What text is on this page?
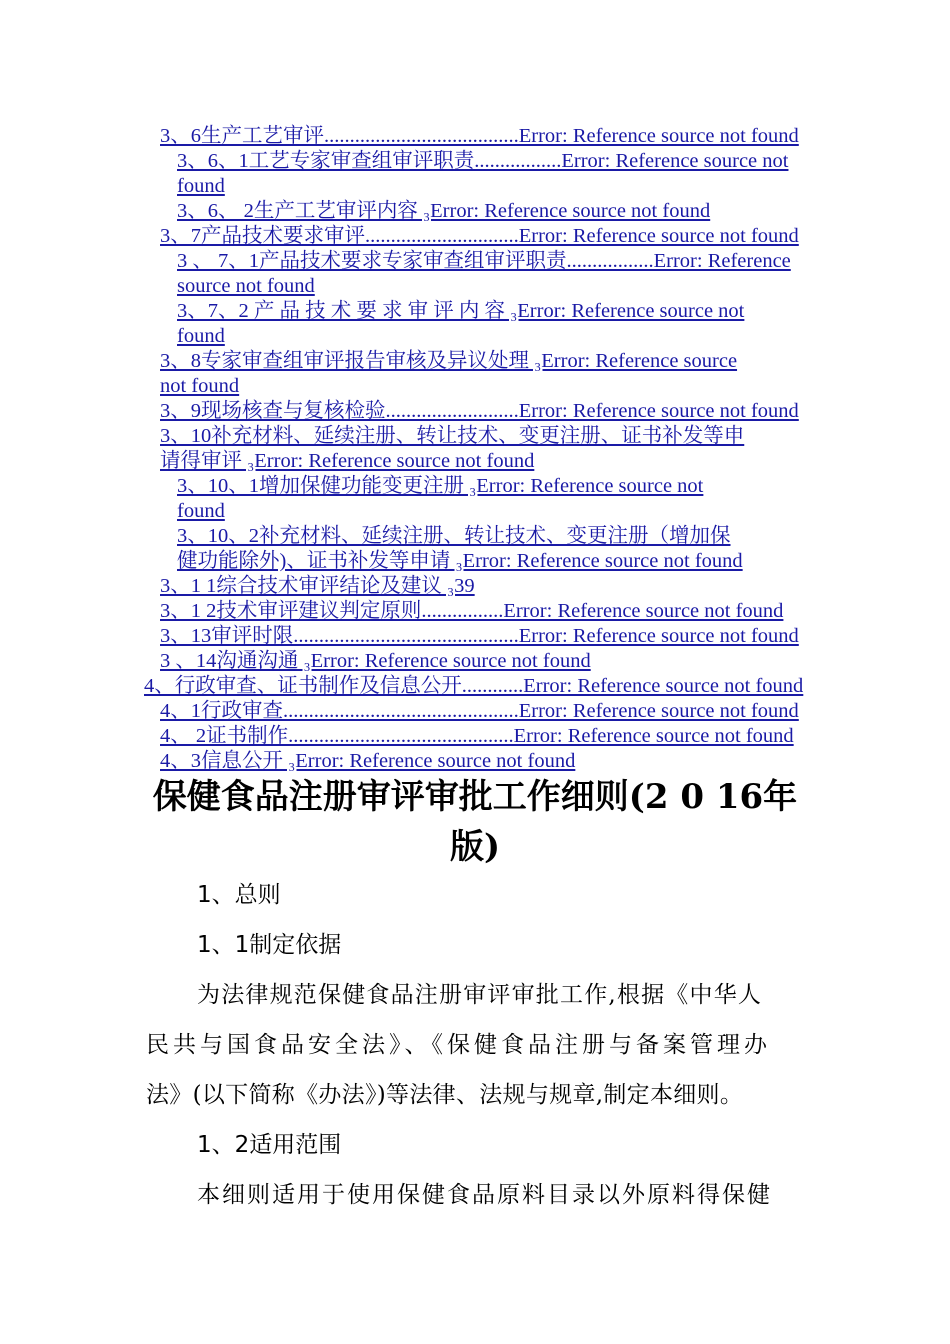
3、6生产工艺审评......................................Error: Reference source not found
3、6、1工艺专家审查组审评职责.................Error: Reference source not
found
3、6、 2生产工艺审评内容 ₃Error: Reference source not found
3、7产品技术要求审评..............................Error: Reference source not found
3 、 7、1产品技术要求专家审查组审评职责.................Error: Reference
source not found
3、7、2 产 品 技 术 要 求 审 评 内 容 ₃Error: Reference source not
found
3、8专家审查组审评报告审核及异议处理 ₃Error: Reference source
not found
3、9现场核查与复核检验..........................Error: Reference source not found
3、10补充材料、延续注册、转让技术、变更注册、证书补发等申
请得审评 ₃Error: Reference source not found
3、10、1增加保健功能变更注册 ₃Error: Reference source not
found
3、10、2补充材料、延续注册、转让技术、变更注册（增加保
健功能除外)、证书补发等申请 ₃Error: Reference source not found
3、1 1综合技术审评结论及建议 ₃39
3、1 2技术审评建议判定原则................Error: Reference source not found
3、13审评时限............................................Error: Reference source not found
3 、14沟通沟通 ₃Error: Reference source not found
4、行政审查、证书制作及信息公开............Error: Reference source not found
4、1行政审查..............................................Error: Reference source not found
4、 2证书制作............................................Error: Reference source not found
4、3信息公开 ₃Error: Reference source not found
保健食品注册审评审批工作细则(2 0 16年
版)
1、总则
1、1制定依据
为法律规范保健食品注册审评审批工作,根据《中华人
民共与国食品安全法》、《保健食品注册与备案管理办
法》(以下简称《办法》)等法律、法规与规章,制定本细则。
1、2适用范围
本细则适用于使用保健食品原料目录以外原料得保健
